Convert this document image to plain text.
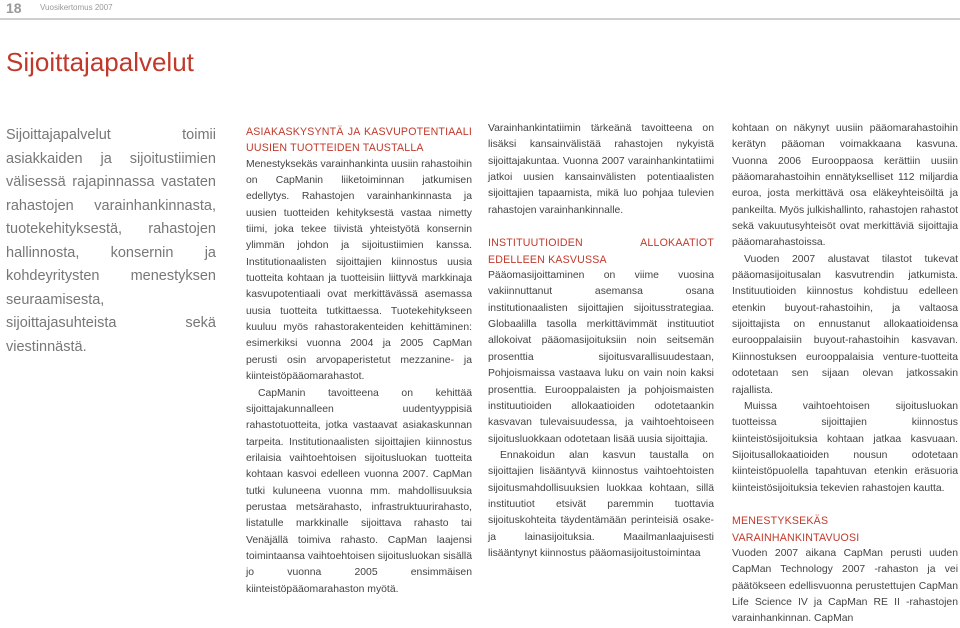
18 Vuosikertomus 2007
Sijoittajapalvelut
Sijoittajapalvelut toimii asiakkaiden ja sijoitustiimien välisessä rajapinnassa vastaten rahastojen varainhankinnasta, tuotekehityksestä, rahastojen hallinnosta, konsernin ja kohdeyritysten menestyksen seuraamisesta, sijoittajasuhteista sekä viestinnästä.
ASIAKASKYSYNTÄ JA KASVUPOTENTIAALI UUSIEN TUOTTEIDEN TAUSTALLA

Menestyksekäs varainhankinta uusiin rahastoihin on CapManin liiketoiminnan jatkumisen edellytys. Rahastojen varainhankinnasta ja uusien tuotteiden kehityksestä vastaa nimetty tiimi, joka tekee tiivistä yhteistyötä konsernin ylimmän johdon ja sijoitustiimien kanssa. Institutionaalisten sijoittajien kiinnostus uusia tuotteita kohtaan ja tuotteisiin liittyvä markkinaja kasvupotentiaali ovat merkittävässä asemassa uusia tuotteita tutkittaessa. Tuotekehitykseen kuuluu myös rahastorakenteiden kehittäminen: esimerkiksi vuonna 2004 ja 2005 CapMan perusti osin arvopaperistetut mezzanine- ja kiinteistöpääomarahastot.

CapManin tavoitteena on kehittää sijoittajakunnalleen uudentyyppisiä rahastotuotteita, jotka vastaavat asiakaskunnan tarpeita. Institutionaalisten sijoittajien kiinnostus erilaisia vaihtoehtoisen sijoitusluokan tuotteita kohtaan kasvoi edelleen vuonna 2007. CapMan tutki kuluneena vuonna mm. mahdollisuuksia perustaa metsärahasto, infrastruktuurirahasto, listatulle markkinalle sijoittava rahasto tai Venäjällä toimiva rahasto. CapMan laajensi toimintaansa vaihtoehtoisen sijoitusluokan sisällä jo vuonna 2005 ensimmäisen kiinteistöpääomarahaston myötä.

Varainhankintatiimin tärkeänä tavoitteena on lisäksi kansainvälistää rahastojen nykyistä sijoittajakuntaa. Vuonna 2007 varainhankintatiimi jatkoi uusien kansainvälisten potentiaalisten sijoittajien tapaamista, mikä luo pohjaa tulevien rahastojen varainhankinnalle.

INSTITUUTIOIDEN ALLOKAATIOT EDELLEEN KASVUSSA

Pääomasijoittaminen on viime vuosina vakiinnuttanut asemansa osana institutionaalisten sijoittajien sijoitusstrategiaa. Globaalilla tasolla merkittävimmät instituutiot allokoivat pääomasijoituksiin noin seitsemän prosenttia sijoitusvarallisuudestaan, Pohjoismaissa vastaava luku on vain noin kaksi prosenttia. Eurooppalaisten ja pohjoismaisten instituutioiden allokaatioiden odotetaankin kasvavan tulevaisuudessa, ja vaihtoehtoiseen sijoitusluokkaan odotetaan lisää uusia sijoittajia.

Ennakoidun alan kasvun taustalla on sijoittajien lisääntyvä kiinnostus vaihtoehtoisten sijoitusmahdollisuuksien luokkaa kohtaan, sillä instituutiot etsivät paremmin tuottavia sijoituskohteita täydentämään perinteisiä osake- ja lainasijoituksia. Maailmanlaajuisesti lisääntynyt kiinnostus pääomasijoitustoimintaa

kohtaan on näkynyt uusiin pääomarahastoihin kerätyn pääoman voimakkaana kasvuna. Vuonna 2006 Eurooppaosa kerättiin uusiin pääomarahastoihin ennätykselliset 112 miljardia euroa, josta merkittävä osa eläkeyhteisöiltä ja pankeilta. Myös julkishallinto, rahastojen rahastot sekä vakuutusyhteisöt ovat merkittäviä sijoittajia pääomarahastoissa.

Vuoden 2007 alustavat tilastot tukevat pääomasijoitusalan kasvutrendin jatkumista. Instituutioiden kiinnostus kohdistuu edelleen etenkin buyout-rahastoihin, ja valtaosa sijoittajista on ennustanut allokaatioidensa eurooppalaisiin buyout-rahastoihin kasvavan. Kiinnostuksen eurooppalaisia venture-tuotteita odotetaan sen sijaan olevan jatkossakin rajallista.

Muissa vaihtoehtoisen sijoitusluokan tuotteissa sijoittajien kiinnostus kiinteistösijoituksia kohtaan jatkaa kasvuaan. Sijoitusallokaatioiden nousun odotetaan kiinteistöpuolella tapahtuvan etenkin eräsuoria kiinteistösijoituksia tekevien rahastojen kautta.

MENESTYKSEKÄS VARAINHANKINTAVUOSI

Vuoden 2007 aikana CapMan perusti uuden CapMan Technology 2007 -rahaston ja vei päätökseen edellisvuonna perustettujen CapMan Life Science IV ja CapMan RE II -rahastojen varainhankinnan. CapMan
